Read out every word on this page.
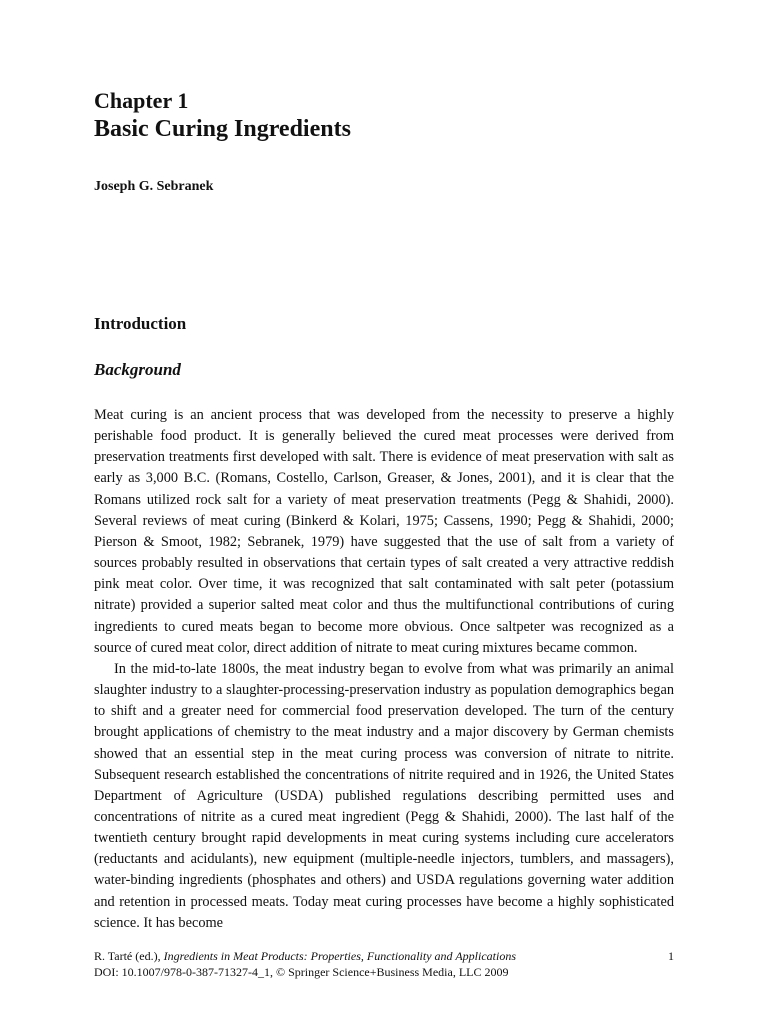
Chapter 1
Basic Curing Ingredients
Joseph G. Sebranek
Introduction
Background

Meat curing is an ancient process that was developed from the necessity to preserve a highly perishable food product. It is generally believed the cured meat processes were derived from preservation treatments first developed with salt. There is evidence of meat preservation with salt as early as 3,000 B.C. (Romans, Costello, Carlson, Greaser, & Jones, 2001), and it is clear that the Romans utilized rock salt for a variety of meat preservation treatments (Pegg & Shahidi, 2000). Several reviews of meat curing (Binkerd & Kolari, 1975; Cassens, 1990; Pegg & Shahidi, 2000; Pierson & Smoot, 1982; Sebranek, 1979) have suggested that the use of salt from a variety of sources probably resulted in observations that certain types of salt created a very attractive reddish pink meat color. Over time, it was recognized that salt contaminated with salt peter (potassium nitrate) provided a superior salted meat color and thus the multifunctional contributions of curing ingredients to cured meats began to become more obvious. Once saltpeter was recognized as a source of cured meat color, direct addition of nitrate to meat curing mixtures became common.

In the mid-to-late 1800s, the meat industry began to evolve from what was primarily an animal slaughter industry to a slaughter-processing-preservation industry as population demographics began to shift and a greater need for commercial food preservation developed. The turn of the century brought applications of chemistry to the meat industry and a major discovery by German chemists showed that an essential step in the meat curing process was conversion of nitrate to nitrite. Subsequent research established the concentrations of nitrite required and in 1926, the United States Department of Agriculture (USDA) published regulations describing permitted uses and concentrations of nitrite as a cured meat ingredient (Pegg & Shahidi, 2000). The last half of the twentieth century brought rapid developments in meat curing systems including cure accelerators (reductants and acidulants), new equipment (multiple-needle injectors, tumblers, and massagers), water-binding ingredients (phosphates and others) and USDA regulations governing water addition and retention in processed meats. Today meat curing processes have become a highly sophisticated science. It has become

R. Tarté (ed.), Ingredients in Meat Products: Properties, Functionality and Applications
DOI: 10.1007/978-0-387-71327-4_1, © Springer Science+Business Media, LLC 2009
1
